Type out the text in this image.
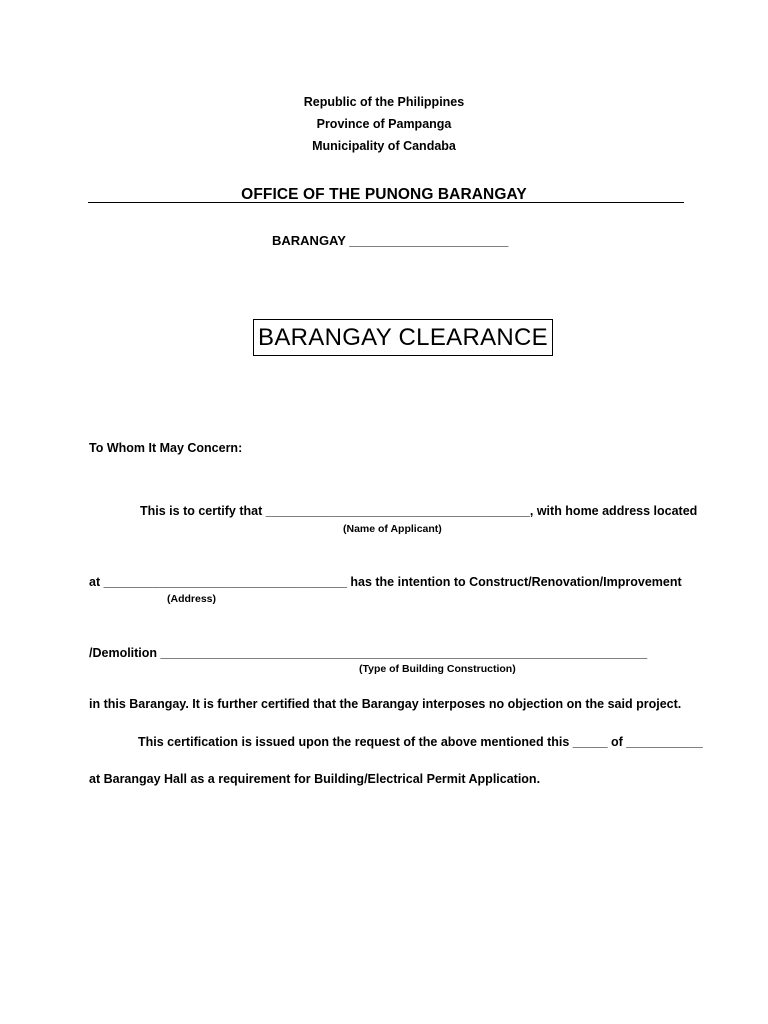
Republic of the Philippines
Province of Pampanga
Municipality of Candaba
OFFICE OF THE PUNONG BARANGAY
BARANGAY ______________________
BARANGAY CLEARANCE
To Whom It May Concern:
This is to certify that ______________________________________, with home address located
(Name of Applicant)
at ___________________________________ has the intention to Construct/Renovation/Improvement
(Address)
/Demolition ______________________________________________________________________
(Type of Building Construction)
in this Barangay. It is further certified that the Barangay interposes no objection on the said project.
This certification is issued upon the request of the above mentioned this _____ of ___________
at Barangay Hall as a requirement for Building/Electrical Permit Application.
